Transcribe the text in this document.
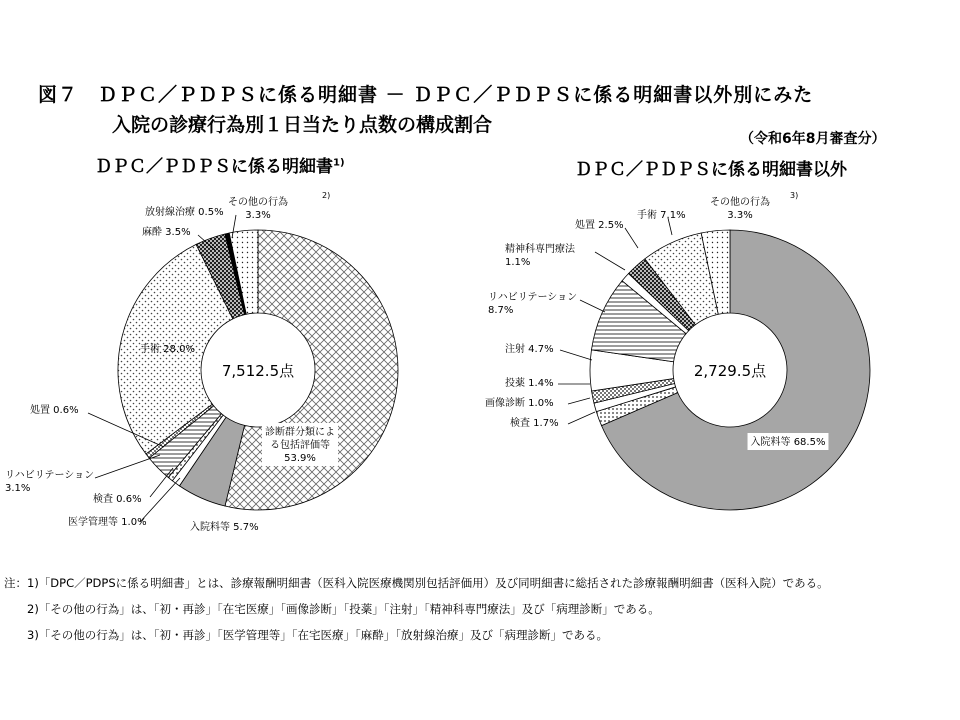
図７　ＤＰＣ／ＰＤＰＳに係る明細書 － ＤＰＣ／ＰＤＰＳに係る明細書以外別にみた
入院の診療行為別１日当たり点数の構成割合
（令和6年8月審査分）
ＤＰＣ／ＰＤＰＳに係る明細書$^{1)}$	ＤＰＣ／ＰＤＰＳに係る明細書以外
7,512.5点
診断群分類による包括評価等 53.9%
入院料等 5.7%
医学管理等 1.0%
検査 0.6%
リハビリテーション 3.1%
処置 0.6%
手術 28.0%
麻酔 3.5%
放射線治療 0.5%
その他の行為 3.3%
2)
2,729.5点
入院料等 68.5%
検査 1.7%
画像診断 1.0%
投薬 1.4%
注射 4.7%
リハビリテーション 8.7%
精神科専門療法 1.1%
処置 2.5%
手術 7.1%
その他の行為 3.3%
3)
注：1)「DPC／PDPSに係る明細書」とは、診療報酬明細書（医科入院医療機関別包括評価用）及び同明細書に総括された診療報酬明細書（医科入院）である。
　　2)「その他の行為」は、「初・再診」「在宅医療」「画像診断」「投薬」「注射」「精神科専門療法」及び「病理診断」である。
　　3)「その他の行為」は、「初・再診」「医学管理等」「在宅医療」「麻酔」「放射線治療」及び「病理診断」である。
